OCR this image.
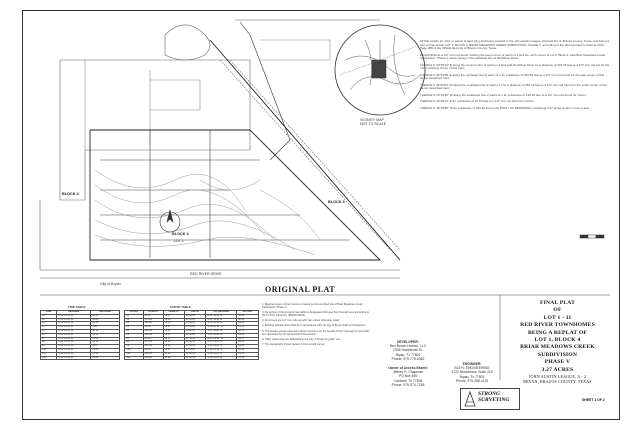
BLOCK 4
BLOCK 4
BLOCK 3
LOT 1
City of Bryan
RED RIVER DRIVE
VICINITY MAP
NOT TO SCALE
ORIGINAL PLAT

All that certain lot, tract or parcel of land lying and being situated in the John Austin League, Abstract No. 2, Brazos County, Texas, and being a part of that certain LOT 1, BLOCK 4, BRIAR MEADOWS CREEK SUBDIVISION, PHASE V, according to the plat recorded in Volume 1013, Page 489 of the Official Records of Brazos County, Texas.

BEGINNING at a 1/2" iron rod found marking the west corner of said Lot 1 and the north corner of Lot 2, Block 4, said Briar Meadows Creek Subdivision, Phase V, same being in the southeast line of Red River Drive;

THENCE N 43°25'14" E along the common line of said Lot 1 and said Red River Drive for a distance of 331.65 feet to a 1/2" iron rod set for the most northerly corner of this tract;

THENCE S 46°33'58" E along the northeast line of said Lot 1 for a distance of 402.50 feet to a 1/2" iron rod found for the east corner of this herein described tract;

THENCE S 43°26'02" W along the southeast line of said Lot 1 for a distance of 354.12 feet to a 1/2" iron rod found for the south corner of this herein described tract;

THENCE N 46°34'48" W along the southwest line of said Lot 1 for a distance of 148.20 feet to a 1/2" iron rod found for corner;

THENCE N 43°25'14" E for a distance of 22.50 feet to a 1/2" iron rod found for corner;

THENCE N 46°33'58" W for a distance of 254.30 feet to the POINT OF BEGINNING containing 3.27 acres of land, more or less.

LINE TABLE
LINE	BEARING	DISTANCE
L1	N 43°25'14" E	41.65'
L2	S 46°33'58" E	28.00'
L3	N 43°25'14" E	31.35'
L4	S 46°33'58" E	9.85'
L5	N 43°26'02" E	38.12'
L6	S 46°34'48" E	16.50'
L7	N 43°25'14" E	12.00'
L8	S 46°33'58" E	24.12'
L9	N 43°25'14" E	8.64'
L10	S 46°33'58" E	19.56'
L11	N 43°25'14" E	27.31'
L12	S 46°33'58" E	14.88'
CURVE TABLE
CURVE	RADIUS	LENGTH	DELTA	CH. BEARING	CH. DIST
C1	25.00'	39.27'	90°00'00"	N 01°34'46" E	35.36'
C2	275.00'	48.19'	10°02'25"	S 41°32'46" E	48.13'
C3	325.00'	56.95'	10°02'25"	S 41°32'46" E	56.88'
C4	25.00'	38.97'	89°18'24"	N 88°35'10" W	35.14'
C5	250.00'	43.81'	10°02'25"	S 41°32'46" E	43.75'
C6	300.00'	52.57'	10°02'25"	S 41°32'46" E	52.50'
C7	25.00'	39.57'	90°41'36"	N 01°24'50" W	35.57'
C8	275.00'	29.11'	06°03'54"	S 43°32'02" E	29.10'
C9	325.00'	34.40'	06°03'54"	S 43°32'02" E	34.39'
C10	25.00'	39.27'	90°00'00"	N 88°25'14" E	35.36'
C11	300.00'	21.02'	04°00'52"	S 48°34'23" E	21.02'
C12	250.00'	17.52'	04°00'52"	S 48°34'23" E	17.51'

1. Bearing system shown hereon is based on the recorded plat of Briar Meadows Creek Subdivision, Phase V.

2. No portion of this property lies within a designated 100-year flood hazard area according to the F.I.R.M. Panel No. 48041C0215E.

3. All corners are 1/2" iron rods set with cap unless otherwise noted.

4. Building setback lines shall be in accordance with the City of Bryan Code of Ordinances.

5. The private access easement shown hereon is for the benefit of lots 1 through 11 and shall be maintained by the Homeowners Association.

6. Utility easements are dedicated to the City of Bryan for public use.

7. The topography shown hereon is from a field survey.

DEVELOPER:
Ben Brown Homes, LLC
2308 Sweetbriar Dr.
Bryan, Tx 77802
Phone: 979-776-0062
Owner of Access Easmt:
Jeffrey H. Chapman
PO Box 496
Caldwell, Tx 77836
Phone: 979-574-7165
ENGINEER:
BLEYL ENGINEERING
1722 Broadmoor, Suite 210
Bryan, Tx 77802
Phone: 979-268-1125
FINAL PLAT
OF
LOT 1 - 11
RED RIVER TOWNHOMES
BEING A REPLAT OF
LOT 1, BLOCK 4
BRIAR MEADOWS CREEK SUBDIVISION
PHASE V
3.27 ACRES
JOHN AUSTIN LEAGUE, A - 2
BRYAN, BRAZOS COUNTY, TEXAS
STRONG
SURVEYING	SHEET 1 OF 2
